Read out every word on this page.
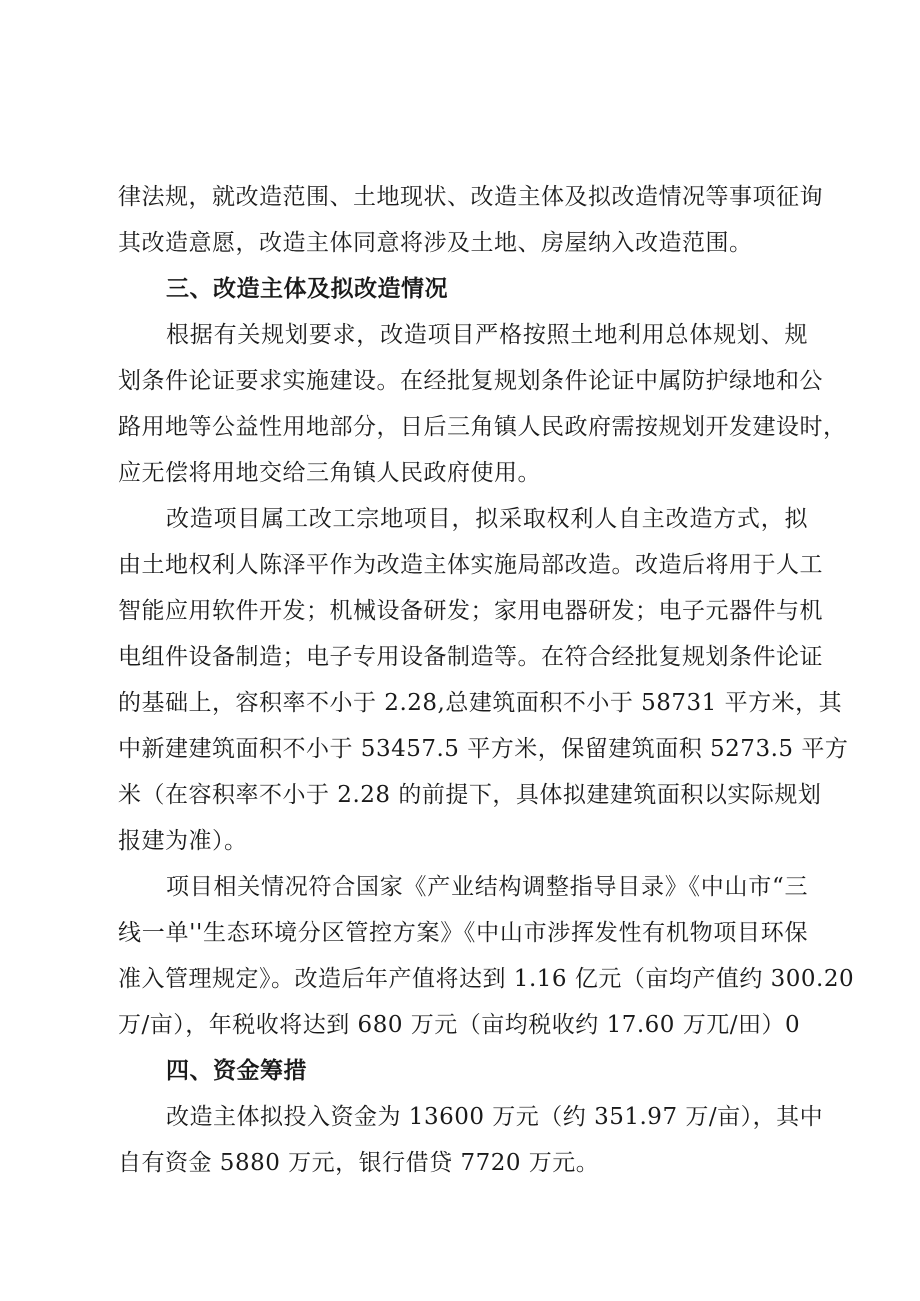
律法规，就改造范围、土地现状、改造主体及拟改造情况等事项征询
其改造意愿，改造主体同意将涉及土地、房屋纳入改造范围。
三、改造主体及拟改造情况
根据有关规划要求，改造项目严格按照土地利用总体规划、规
划条件论证要求实施建设。在经批复规划条件论证中属防护绿地和公
路用地等公益性用地部分，日后三角镇人民政府需按规划开发建设时，
应无偿将用地交给三角镇人民政府使用。
改造项目属工改工宗地项目，拟采取权利人自主改造方式，拟
由土地权利人陈泽平作为改造主体实施局部改造。改造后将用于人工
智能应用软件开发；机械设备研发；家用电器研发；电子元器件与机
电组件设备制造；电子专用设备制造等。在符合经批复规划条件论证
的基础上，容积率不小于 2.28,总建筑面积不小于 58731 平方米，其
中新建建筑面积不小于 53457.5 平方米，保留建筑面积 5273.5 平方
米（在容积率不小于 2.28 的前提下，具体拟建建筑面积以实际规划
报建为准）。
项目相关情况符合国家《产业结构调整指导目录》《中山市“三
线一单''生态环境分区管控方案》《中山市涉挥发性有机物项目环保
准入管理规定》。改造后年产值将达到 1.16 亿元（亩均产值约 300.20
万/亩），年税收将达到 680 万元（亩均税收约 17.60 万兀/田）0
四、资金筹措
改造主体拟投入资金为 13600 万元（约 351.97 万/亩），其中
自有资金 5880 万元，银行借贷 7720 万元。
